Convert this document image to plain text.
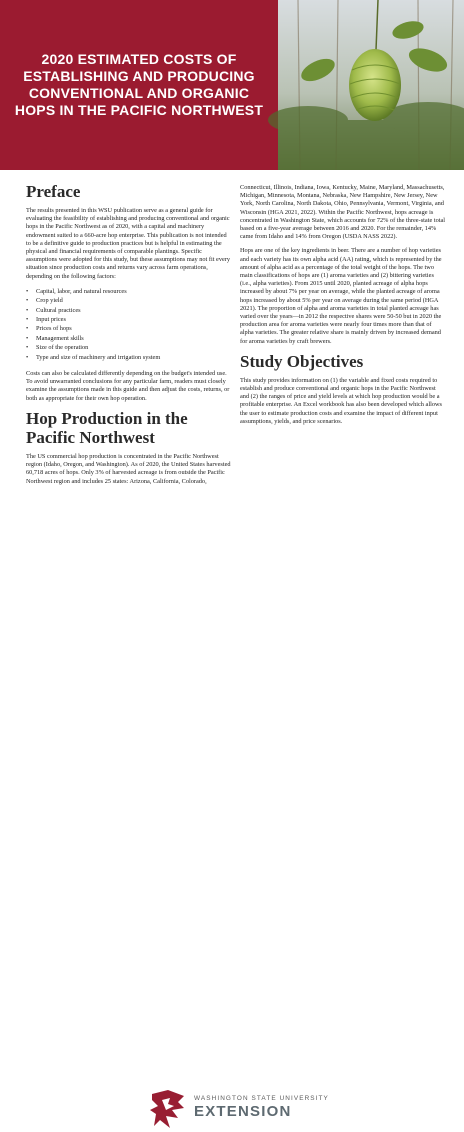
2020 ESTIMATED COSTS OF ESTABLISHING AND PRODUCING CONVENTIONAL AND ORGANIC HOPS IN THE PACIFIC NORTHWEST
Preface

The results presented in this WSU publication serve as a general guide for evaluating the feasibility of establishing and producing conventional and organic hops in the Pacific Northwest as of 2020, with a capital and machinery endowment suited to a 660-acre hop enterprise. This publication is not intended to be a definitive guide to production practices but is helpful in estimating the physical and financial requirements of comparable plantings. Specific assumptions were adopted for this study, but these assumptions may not fit every situation since production costs and returns vary across farm operations, depending on the following factors:

• Capital, labor, and natural resources
• Crop yield
• Cultural practices
• Input prices
• Prices of hops
• Management skills
• Size of the operation
• Type and size of machinery and irrigation system

Costs can also be calculated differently depending on the budget's intended use. To avoid unwarranted conclusions for any particular farm, readers must closely examine the assumptions made in this guide and then adjust the costs, returns, or both as appropriate for their own hop operation.

Hop Production in the Pacific Northwest

The US commercial hop production is concentrated in the Pacific Northwest region (Idaho, Oregon, and Washington). As of 2020, the United States harvested 60,718 acres of hops. Only 3% of harvested acreage is from outside the Pacific Northwest region and includes 25 states: Arizona, California, Colorado,

Connecticut, Illinois, Indiana, Iowa, Kentucky, Maine, Maryland, Massachusetts, Michigan, Minnesota, Montana, Nebraska, New Hampshire, New Jersey, New York, North Carolina, North Dakota, Ohio, Pennsylvania, Vermont, Virginia, and Wisconsin (HGA 2021, 2022). Within the Pacific Northwest, hops acreage is concentrated in Washington State, which accounts for 72% of the three-state total based on a five-year average between 2016 and 2020. For the remainder, 14% came from Idaho and 14% from Oregon (USDA NASS 2022).

Hops are one of the key ingredients in beer. There are a number of hop varieties and each variety has its own alpha acid (AA) rating, which is represented by the amount of alpha acid as a percentage of the total weight of the hops. The two main classifications of hops are (1) aroma varieties and (2) bittering varieties (i.e., alpha varieties). From 2015 until 2020, planted acreage of alpha hops increased by about 7% per year on average, while the planted acreage of aroma hops increased by about 5% per year on average during the same period (HGA 2021). The proportion of alpha and aroma varieties in total planted acreage has varied over the years—in 2012 the respective shares were 50-50 but in 2020 the production area for aroma varieties were nearly four times more than that of alpha varieties. The greater relative share is mainly driven by increased demand for aroma varieties by craft brewers.

Study Objectives

This study provides information on (1) the variable and fixed costs required to establish and produce conventional and organic hops in the Pacific Northwest and (2) the ranges of price and yield levels at which hop production would be a profitable enterprise. An Excel workbook has also been developed which allows the user to estimate production costs and examine the impact of different input assumptions, yields, and price scenarios.

WASHINGTON STATE UNIVERSITY
EXTENSION
